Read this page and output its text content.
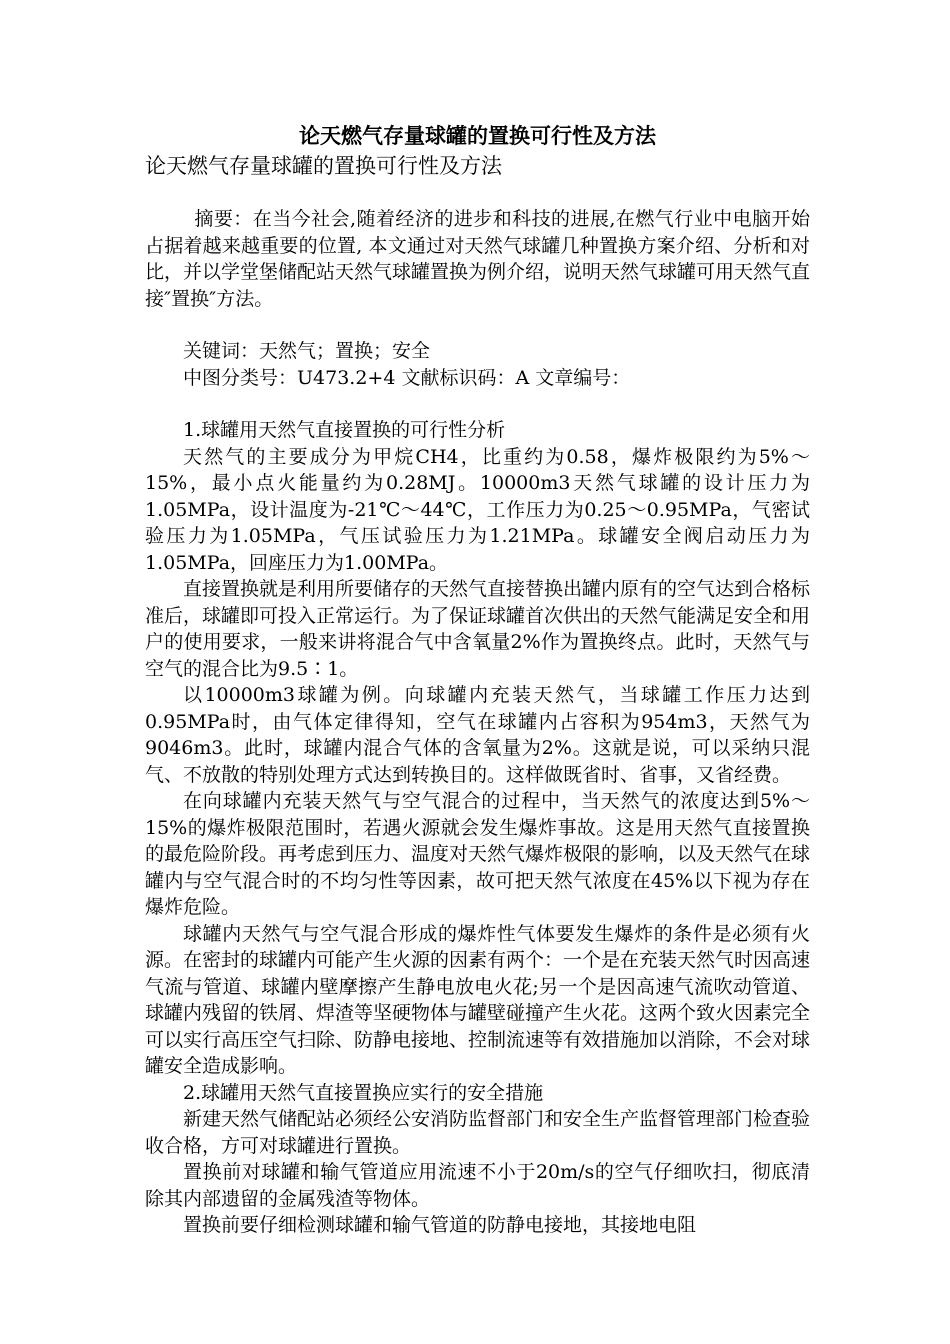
论天燃气存量球罐的置换可行性及方法
论天燃气存量球罐的置换可行性及方法

摘要：在当今社会,随着经济的进步和科技的进展,在燃气行业中电脑开始占据着越来越重要的位置, 本文通过对天然气球罐几种置换方案介绍、分析和对比，并以学堂堡储配站天然气球罐置换为例介绍，说明天然气球罐可用天然气直接″置换″方法。

关键词：天然气；置换；安全

中图分类号：U473.2+4 文献标识码：A 文章编号：

1.球罐用天然气直接置换的可行性分析

天然气的主要成分为甲烷CH4，比重约为0.58，爆炸极限约为5%～15%，最小点火能量约为0.28MJ。10000m3天然气球罐的设计压力为1.05MPa，设计温度为-21℃～44℃，工作压力为0.25～0.95MPa，气密试验压力为1.05MPa，气压试验压力为1.21MPa。球罐安全阀启动压力为1.05MPa，回座压力为1.00MPa。

直接置换就是利用所要储存的天然气直接替换出罐内原有的空气达到合格标准后，球罐即可投入正常运行。为了保证球罐首次供出的天然气能满足安全和用户的使用要求，一般来讲将混合气中含氧量2%作为置换终点。此时，天然气与空气的混合比为9.5∶1。

以10000m3球罐为例。向球罐内充装天然气，当球罐工作压力达到0.95MPa时，由气体定律得知，空气在球罐内占容积为954m3，天然气为9046m3。此时，球罐内混合气体的含氧量为2%。这就是说，可以采纳只混气、不放散的特别处理方式达到转换目的。这样做既省时、省事，又省经费。

在向球罐内充装天然气与空气混合的过程中，当天然气的浓度达到5%～15%的爆炸极限范围时，若遇火源就会发生爆炸事故。这是用天然气直接置换的最危险阶段。再考虑到压力、温度对天然气爆炸极限的影响，以及天然气在球罐内与空气混合时的不均匀性等因素，故可把天然气浓度在45%以下视为存在爆炸危险。

球罐内天然气与空气混合形成的爆炸性气体要发生爆炸的条件是必须有火源。在密封的球罐内可能产生火源的因素有两个：一个是在充装天然气时因高速气流与管道、球罐内壁摩擦产生静电放电火花;另一个是因高速气流吹动管道、球罐内残留的铁屑、焊渣等坚硬物体与罐壁碰撞产生火花。这两个致火因素完全可以实行高压空气扫除、防静电接地、控制流速等有效措施加以消除，不会对球罐安全造成影响。

2.球罐用天然气直接置换应实行的安全措施

新建天然气储配站必须经公安消防监督部门和安全生产监督管理部门检查验收合格，方可对球罐进行置换。

置换前对球罐和输气管道应用流速不小于20m/s的空气仔细吹扫，彻底清除其内部遗留的金属残渣等物体。

置换前要仔细检测球罐和输气管道的防静电接地，其接地电阻
